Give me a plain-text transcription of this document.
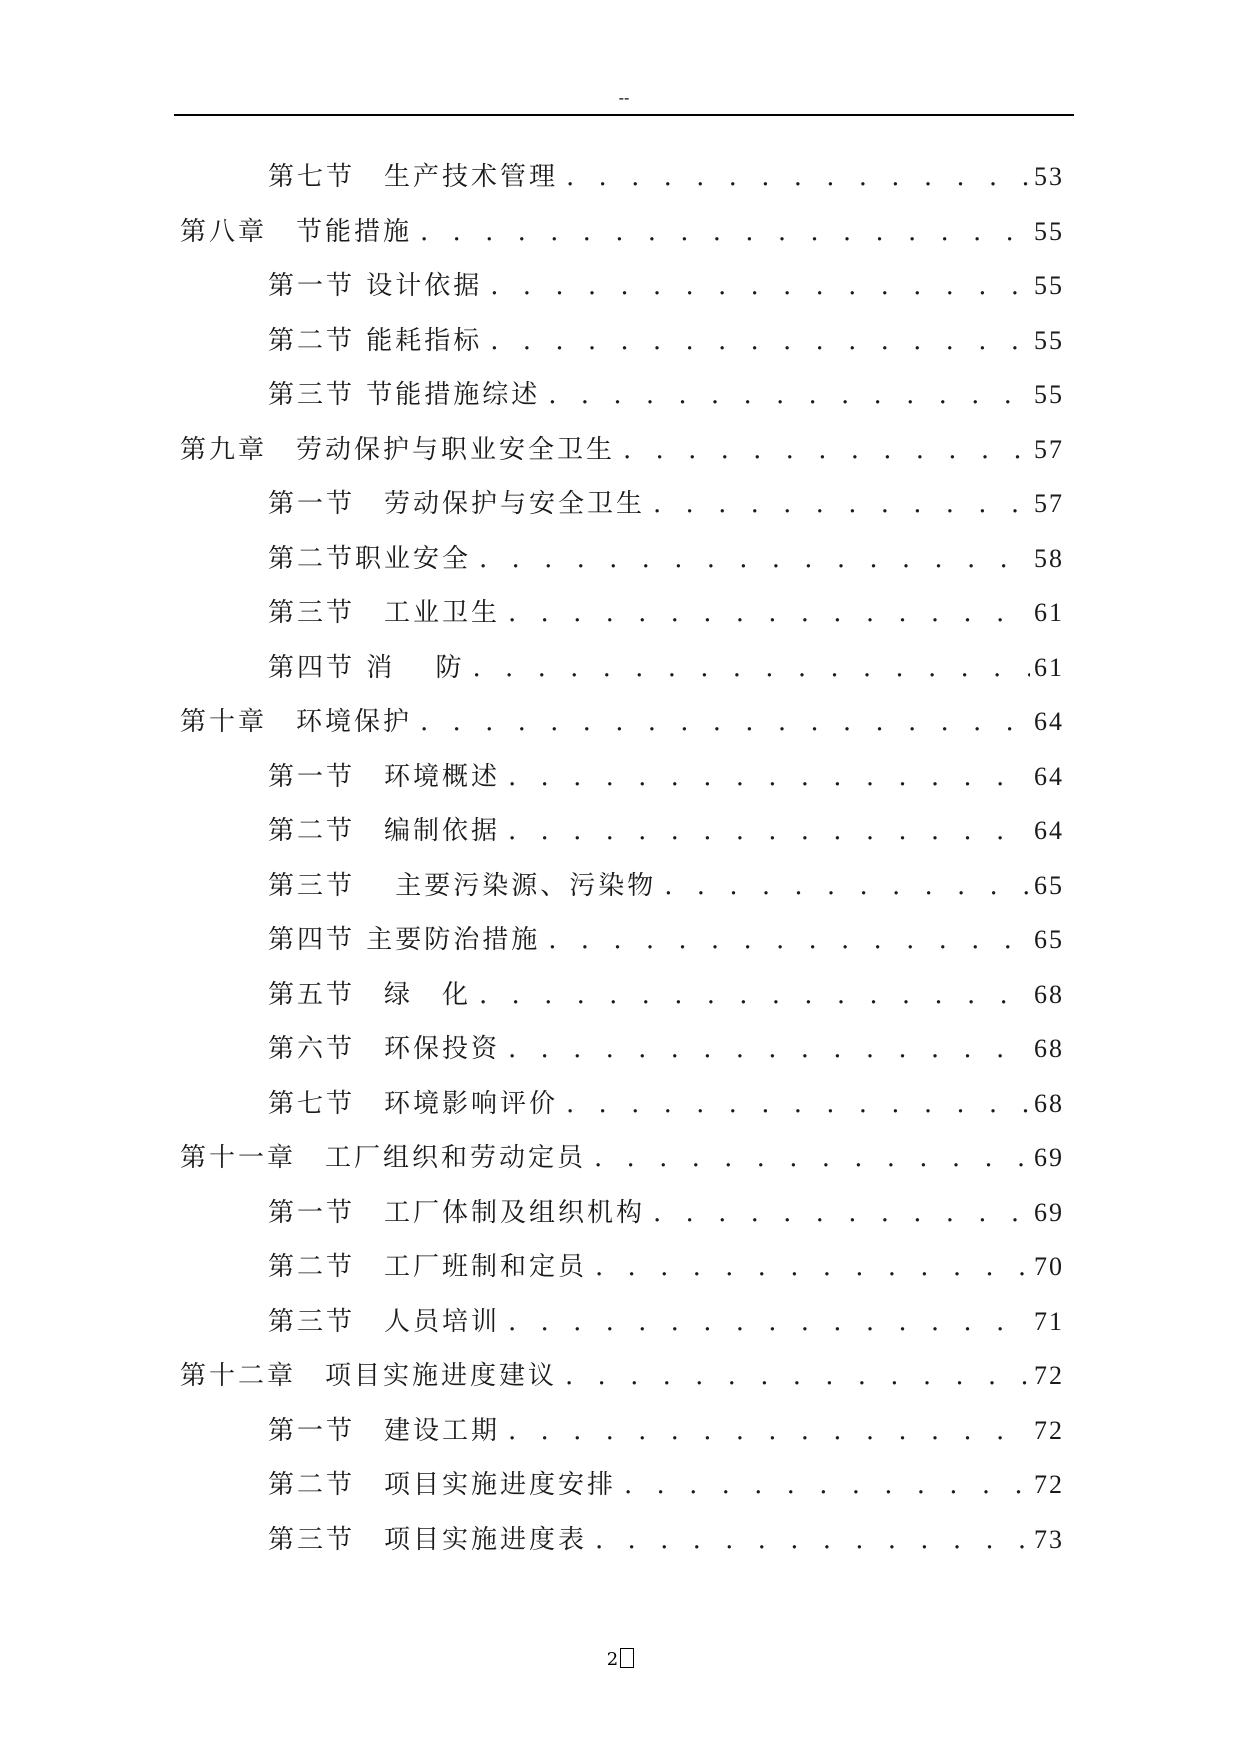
--
第七节　生产技术管理 . . .	53
第八章　节能措施 . . .	55
第一节 设计依据 . . .	55
第二节 能耗指标 . . .	55
第三节 节能措施综述 . . .	55
第九章　劳动保护与职业安全卫生 . . .	57
第一节　劳动保护与安全卫生 . . .	57
第二节职业安全 . . .	58
第三节　工业卫生 . . .	61
第四节 消　 防 . . .	61
第十章　环境保护 . . .	64
第一节　环境概述 . . .	64
第二节　编制依据 . . .	64
第三节　 主要污染源、污染物 . . .	65
第四节 主要防治措施 . . .	65
第五节　绿　化 . . .	68
第六节　环保投资 . . .	68
第七节　环境影响评价 . . .	68
第十一章　工厂组织和劳动定员 . . .	69
第一节　工厂体制及组织机构 . . .	69
第二节　工厂班制和定员 . . .	70
第三节　人员培训 . . .	71
第十二章　项目实施进度建议 . . .	72
第一节　建设工期 . . .	72
第二节　项目实施进度安排 . . .	72
第三节　项目实施进度表 . . .	73
2
